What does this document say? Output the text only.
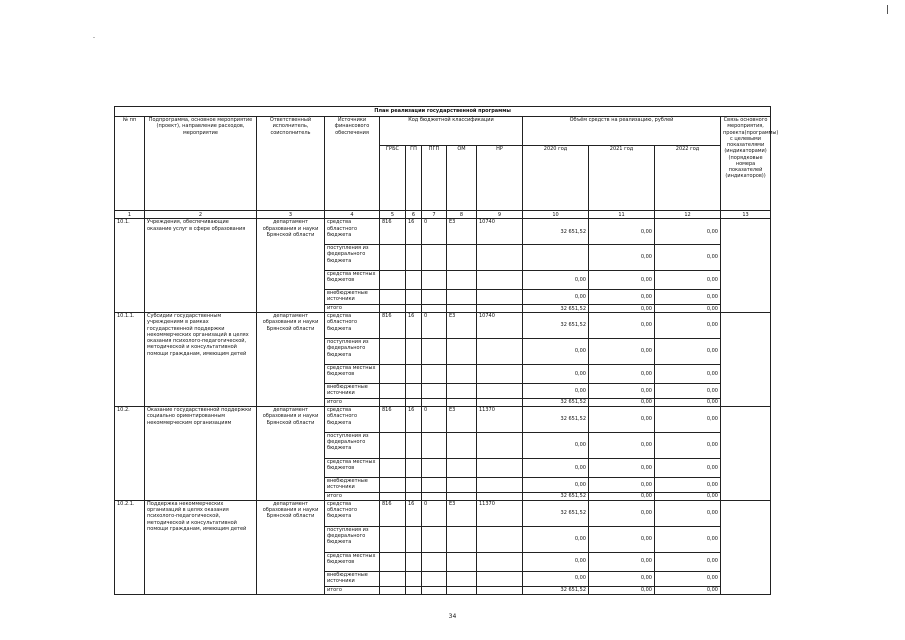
План реализации государственной программы												
№ пп	Подпрограмма, основное мероприятие (проект), направление расходов, мероприятие	Ответственный исполнитель, соисполнитель	Источники финансового обеспечения	Код бюджетной классификации					Объём средств на реализацию, рублей			Связь основного мероприятия, проекта(программы) с целевыми показателями (индикаторами) (порядковые номера показателей (индикаторов))
				ГРБС	ГП	ПГП	ОМ	НР	2020 год	2021 год	2022 год	
1	2	3	4	5	6	7	8	9	10	11	12	13
10.1.	Учреждения, обеспечивающие оказание услуг в сфере образования	департамент образования и науки Брянской области	средства областного бюджета	816	16	0	Е3	10740	32 651,52	0,00	0,00	
			поступления из федерального бюджета							0,00	0,00	
			средства местных бюджетов						0,00	0,00	0,00	
			внебюджетные источники						0,00	0,00	0,00	
			итого						32 651,52	0,00	0,00	
10.1.1.	Субсидии государственным учреждениям в рамках государственной поддержки некоммерческих организаций в целях оказания психолого-педагогической, методической и консультативной помощи гражданам, имеющим детей	департамент образования и науки Брянской области	средства областного бюджета	816	16	0	Е3	10740	32 651,52	0,00	0,00	
			поступления из федерального бюджета						0,00	0,00	0,00	
			средства местных бюджетов						0,00	0,00	0,00	
			внебюджетные источники						0,00	0,00	0,00	
			итого						32 651,52	0,00	0,00	
10.2.	Оказание государственной поддержки социально ориентированным некоммерческим организациям	департамент образования и науки Брянской области	средства областного бюджета	816	16	0	Е3	11370	32 651,52	0,00	0,00	
			поступления из федерального бюджета						0,00	0,00	0,00	
			средства местных бюджетов						0,00	0,00	0,00	
			внебюджетные источники						0,00	0,00	0,00	
			итого						32 651,52	0,00	0,00	
10.2.1.	Поддержка некоммерческих организаций в целях оказания психолого-педагогической, методической и консультативной помощи гражданам, имеющим детей	департамент образования и науки Брянской области	средства областного бюджета	816	16	0	Е3	11370	32 651,52	0,00	0,00	
			поступления из федерального бюджета						0,00	0,00	0,00	
			средства местных бюджетов						0,00	0,00	0,00	
			внебюджетные источники						0,00	0,00	0,00	
			итого						32 651,52	0,00	0,00	
34
